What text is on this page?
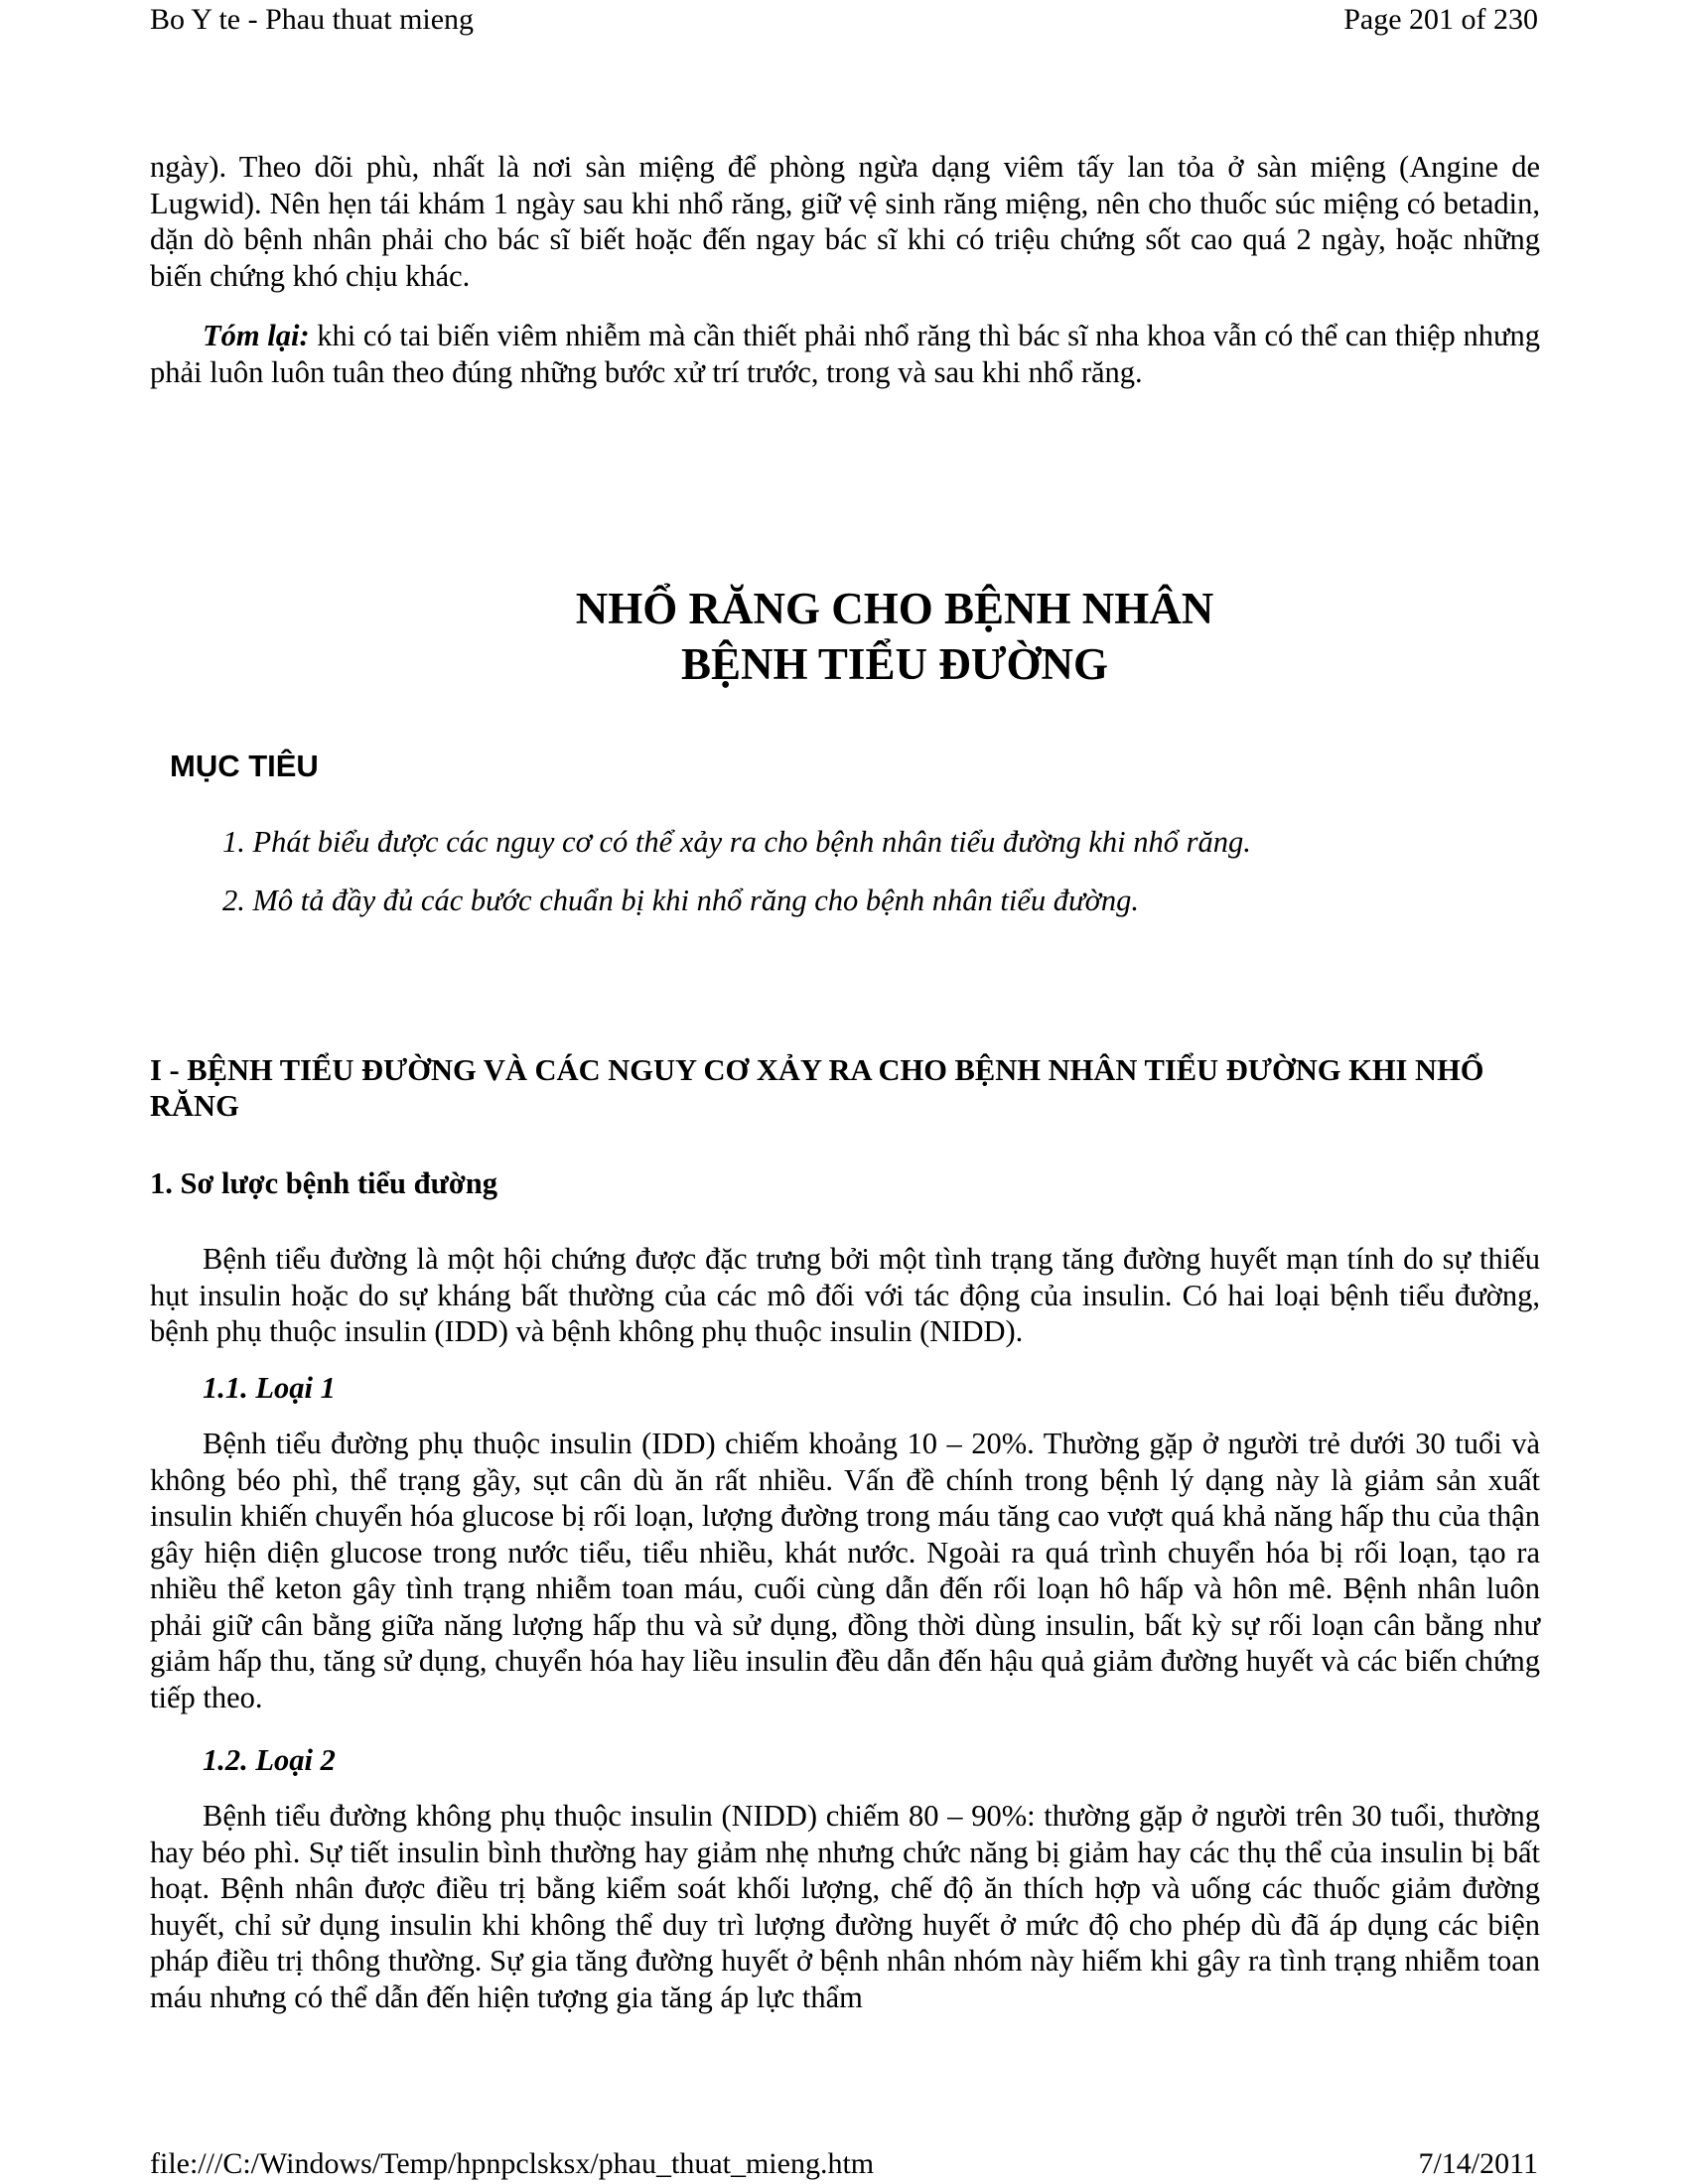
Bo Y te - Phau thuat mieng	Page 201 of 230

ngày). Theo dõi phù, nhất là nơi sàn miệng để phòng ngừa dạng viêm tấy lan tỏa ở sàn miệng (Angine de Lugwid). Nên hẹn tái khám 1 ngày sau khi nhổ răng, giữ vệ sinh răng miệng, nên cho thuốc súc miệng có betadin, dặn dò bệnh nhân phải cho bác sĩ biết hoặc đến ngay bác sĩ khi có triệu chứng sốt cao quá 2 ngày, hoặc những biến chứng khó chịu khác.

Tóm lại: khi có tai biến viêm nhiễm mà cần thiết phải nhổ răng thì bác sĩ nha khoa vẫn có thể can thiệp nhưng phải luôn luôn tuân theo đúng những bước xử trí trước, trong và sau khi nhổ răng.

NHỔ RĂNG CHO BỆNH NHÂN
BỆNH TIỂU ĐƯỜNG
MỤC TIÊU
1. Phát biểu được các nguy cơ có thể xảy ra cho bệnh nhân tiểu đường khi nhổ răng.
2. Mô tả đầy đủ các bước chuẩn bị khi nhổ răng cho bệnh nhân tiểu đường.
I - BỆNH TIỂU ĐƯỜNG VÀ CÁC NGUY CƠ XẢY RA CHO BỆNH NHÂN TIỂU ĐƯỜNG KHI NHỔ RĂNG
1. Sơ lược bệnh tiểu đường

Bệnh tiểu đường là một hội chứng được đặc trưng bởi một tình trạng tăng đường huyết mạn tính do sự thiếu hụt insulin hoặc do sự kháng bất thường của các mô đối với tác động của insulin. Có hai loại bệnh tiểu đường, bệnh phụ thuộc insulin (IDD) và bệnh không phụ thuộc insulin (NIDD).

1.1. Loại 1

Bệnh tiểu đường phụ thuộc insulin (IDD) chiếm khoảng 10 – 20%. Thường gặp ở người trẻ dưới 30 tuổi và không béo phì, thể trạng gầy, sụt cân dù ăn rất nhiều. Vấn đề chính trong bệnh lý dạng này là giảm sản xuất insulin khiến chuyển hóa glucose bị rối loạn, lượng đường trong máu tăng cao vượt quá khả năng hấp thu của thận gây hiện diện glucose trong nước tiểu, tiểu nhiều, khát nước. Ngoài ra quá trình chuyển hóa bị rối loạn, tạo ra nhiều thể keton gây tình trạng nhiễm toan máu, cuối cùng dẫn đến rối loạn hô hấp và hôn mê. Bệnh nhân luôn phải giữ cân bằng giữa năng lượng hấp thu và sử dụng, đồng thời dùng insulin, bất kỳ sự rối loạn cân bằng như giảm hấp thu, tăng sử dụng, chuyển hóa hay liều insulin đều dẫn đến hậu quả giảm đường huyết và các biến chứng tiếp theo.

1.2. Loại 2

Bệnh tiểu đường không phụ thuộc insulin (NIDD) chiếm 80 – 90%: thường gặp ở người trên 30 tuổi, thường hay béo phì. Sự tiết insulin bình thường hay giảm nhẹ nhưng chức năng bị giảm hay các thụ thể của insulin bị bất hoạt. Bệnh nhân được điều trị bằng kiểm soát khối lượng, chế độ ăn thích hợp và uống các thuốc giảm đường huyết, chỉ sử dụng insulin khi không thể duy trì lượng đường huyết ở mức độ cho phép dù đã áp dụng các biện pháp điều trị thông thường. Sự gia tăng đường huyết ở bệnh nhân nhóm này hiếm khi gây ra tình trạng nhiễm toan máu nhưng có thể dẫn đến hiện tượng gia tăng áp lực thẩm

file:///C:/Windows/Temp/hpnpclsksx/phau_thuat_mieng.htm	7/14/2011
